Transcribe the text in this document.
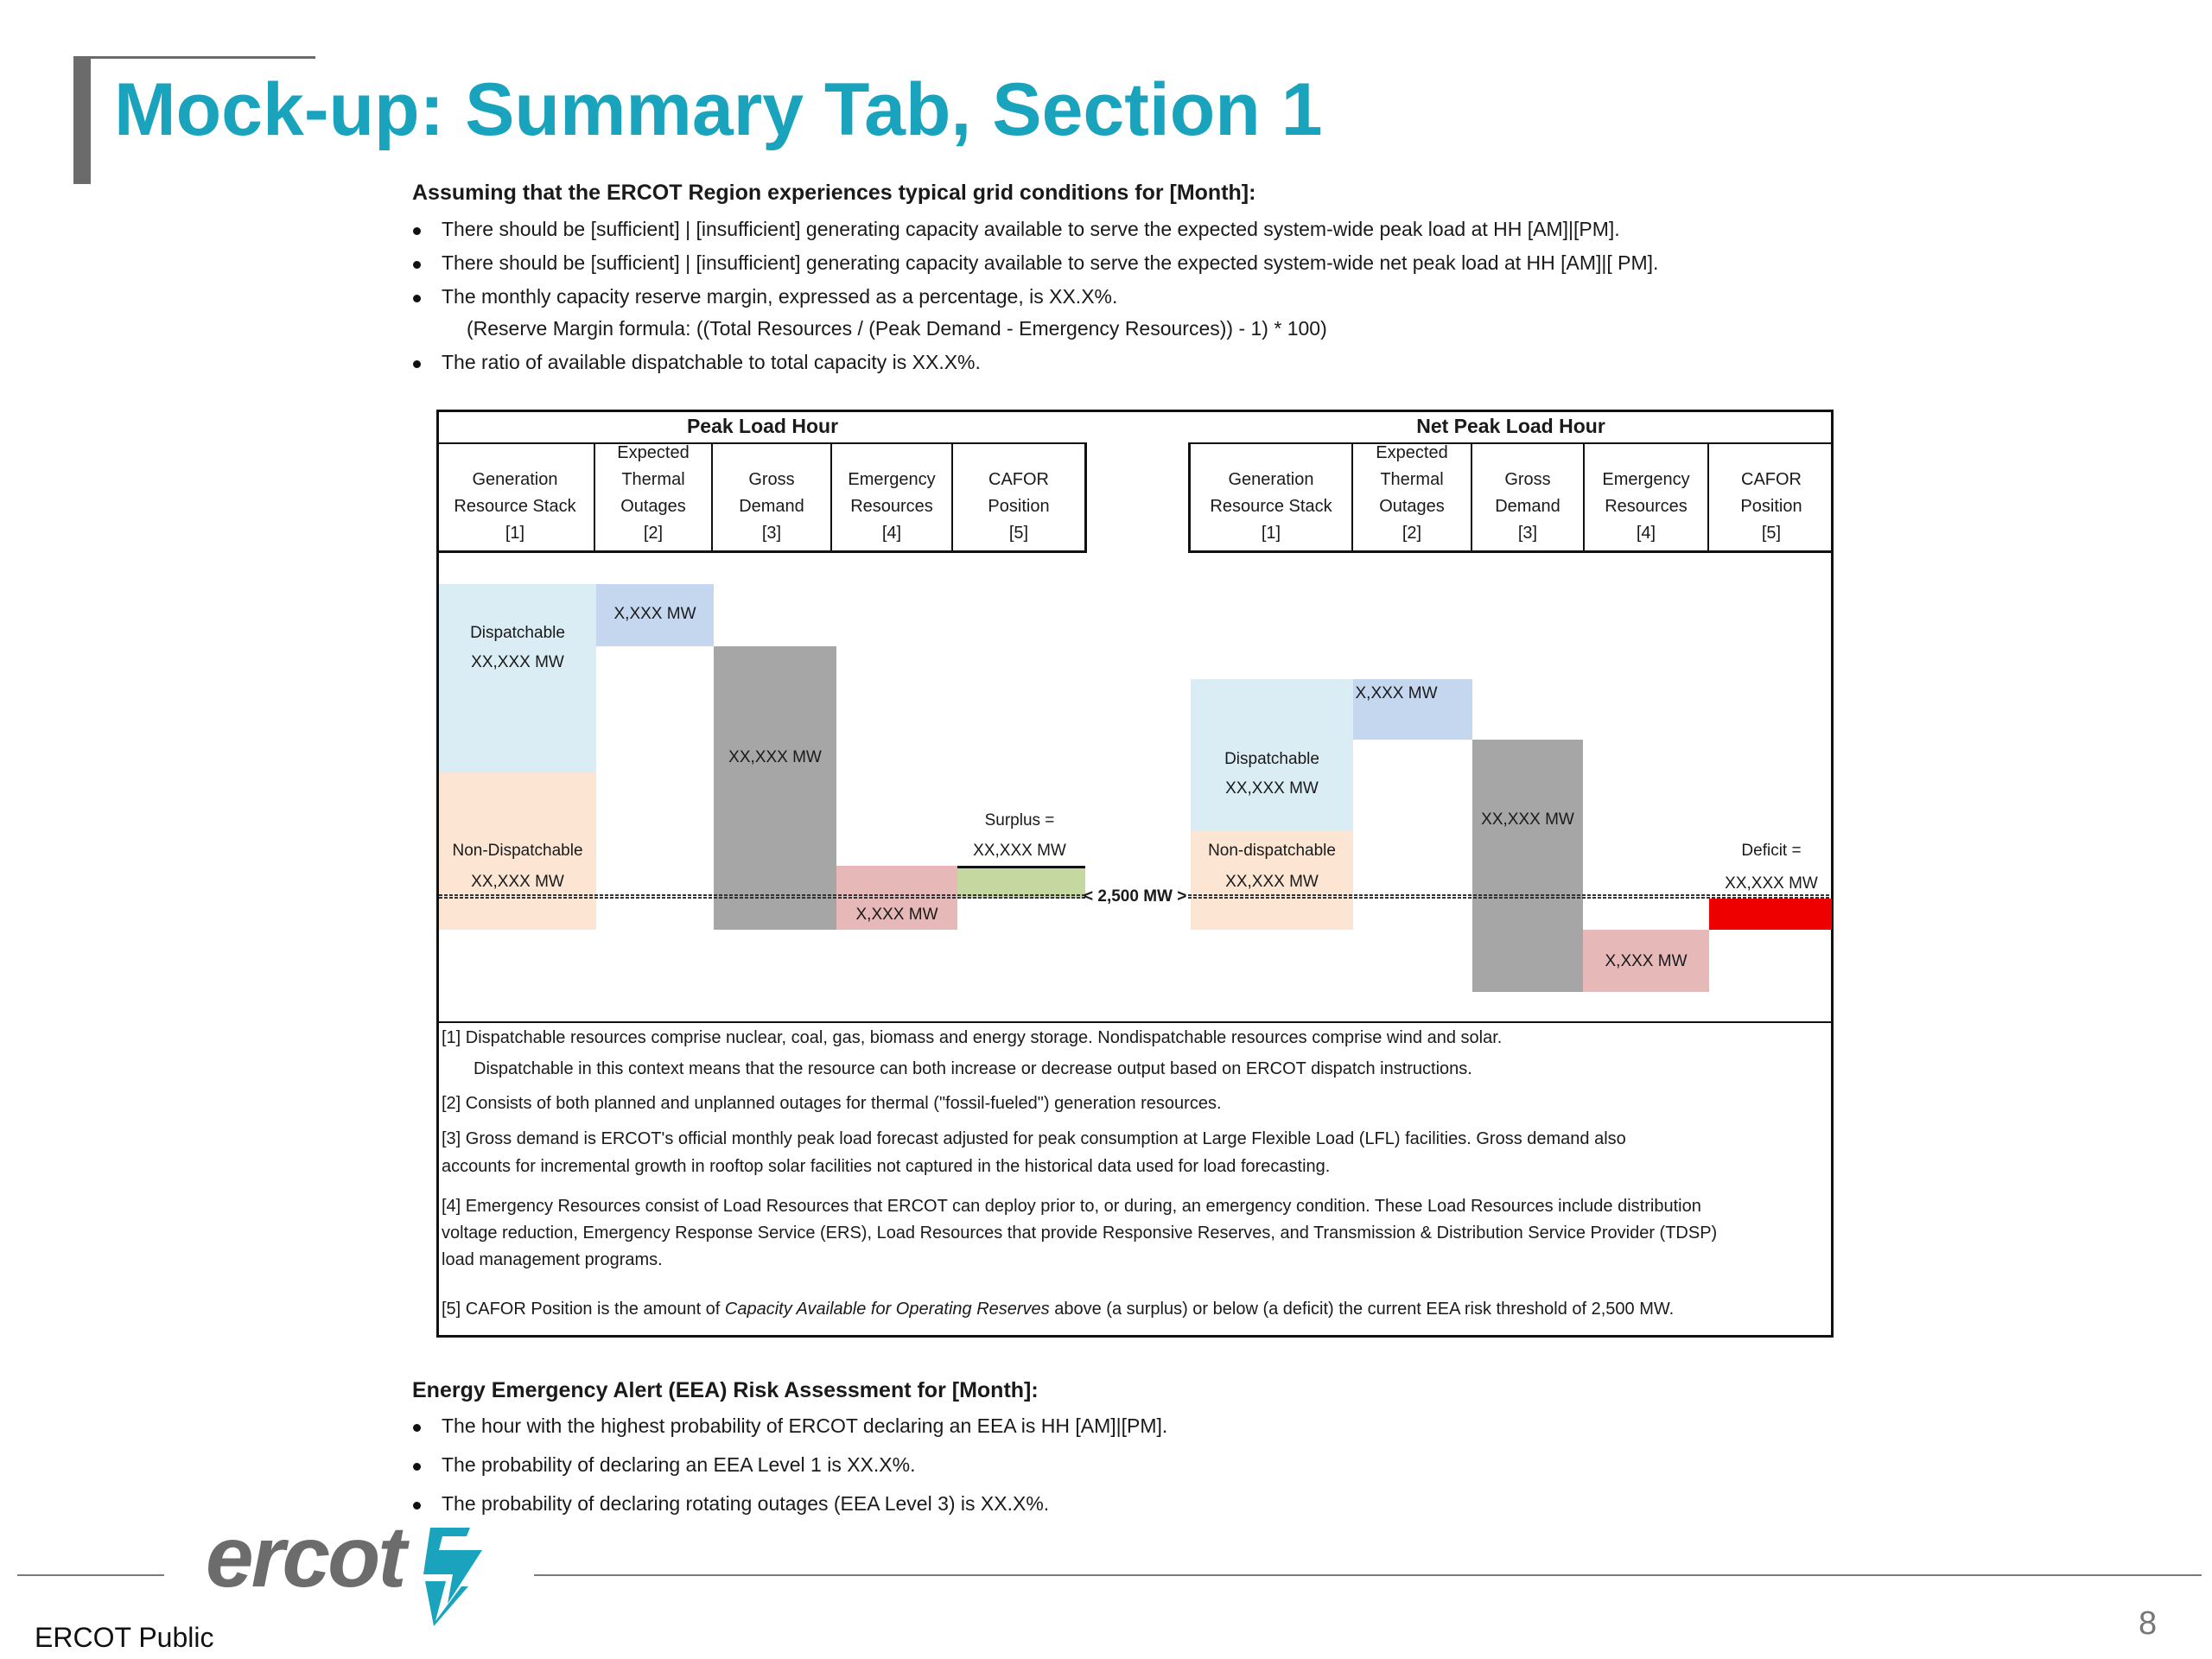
Mock-up: Summary Tab, Section 1
Assuming that the ERCOT Region experiences typical grid conditions for [Month]:
There should be [sufficient] | [insufficient] generating capacity available to serve the expected system-wide peak load at HH [AM]|[PM].
There should be [sufficient] | [insufficient] generating capacity available to serve the expected system-wide net peak load at HH [AM]|[ PM].
The monthly capacity reserve margin, expressed as a percentage, is XX.X%.
(Reserve Margin formula: ((Total Resources / (Peak Demand - Emergency Resources)) - 1) * 100)
The ratio of available dispatchable to total capacity is XX.X%.
Peak Load Hour	Net Peak Load Hour
Generation
Resource Stack
[1]
Expected
Thermal
Outages
[2]
Gross
Demand
[3]
Emergency
Resources
[4]
CAFOR
Position
[5]
Generation
Resource Stack
[1]
Expected
Thermal
Outages
[2]
Gross
Demand
[3]
Emergency
Resources
[4]
CAFOR
Position
[5]
Dispatchable
XX,XXX MW
Non-Dispatchable
XX,XXX MW
X,XXX MW
XX,XXX MW
X,XXX MW
Surplus =
XX,XXX MW
Dispatchable
XX,XXX MW
Non-dispatchable
XX,XXX MW
X,XXX MW
XX,XXX MW
X,XXX MW
Deficit =
XX,XXX MW
< 2,500 MW >
[1] Dispatchable resources comprise nuclear, coal, gas, biomass and energy storage. Nondispatchable resources comprise wind and solar.
Dispatchable in this context means that the resource can both increase or decrease output based on ERCOT dispatch instructions.
[2] Consists of both planned and unplanned outages for thermal ("fossil-fueled") generation resources.
[3] Gross demand is ERCOT's official monthly peak load forecast adjusted for peak consumption at Large Flexible Load (LFL) facilities. Gross demand also
accounts for incremental growth in rooftop solar facilities not captured in the historical data used for load forecasting.
[4] Emergency Resources consist of Load Resources that ERCOT can deploy prior to, or during, an emergency condition. These Load Resources include distribution
voltage reduction, Emergency Response Service (ERS), Load Resources that provide Responsive Reserves, and Transmission & Distribution Service Provider (TDSP)
load management programs.
[5] CAFOR Position is the amount of Capacity Available for Operating Reserves above (a surplus) or below (a deficit) the current EEA risk threshold of 2,500 MW.
Energy Emergency Alert (EEA) Risk Assessment for [Month]:
The hour with the highest probability of ERCOT declaring an EEA is HH [AM]|[PM].
The probability of declaring an EEA Level 1 is XX.X%.
The probability of declaring rotating outages (EEA Level 3) is XX.X%.
ercot
ERCOT Public	8
